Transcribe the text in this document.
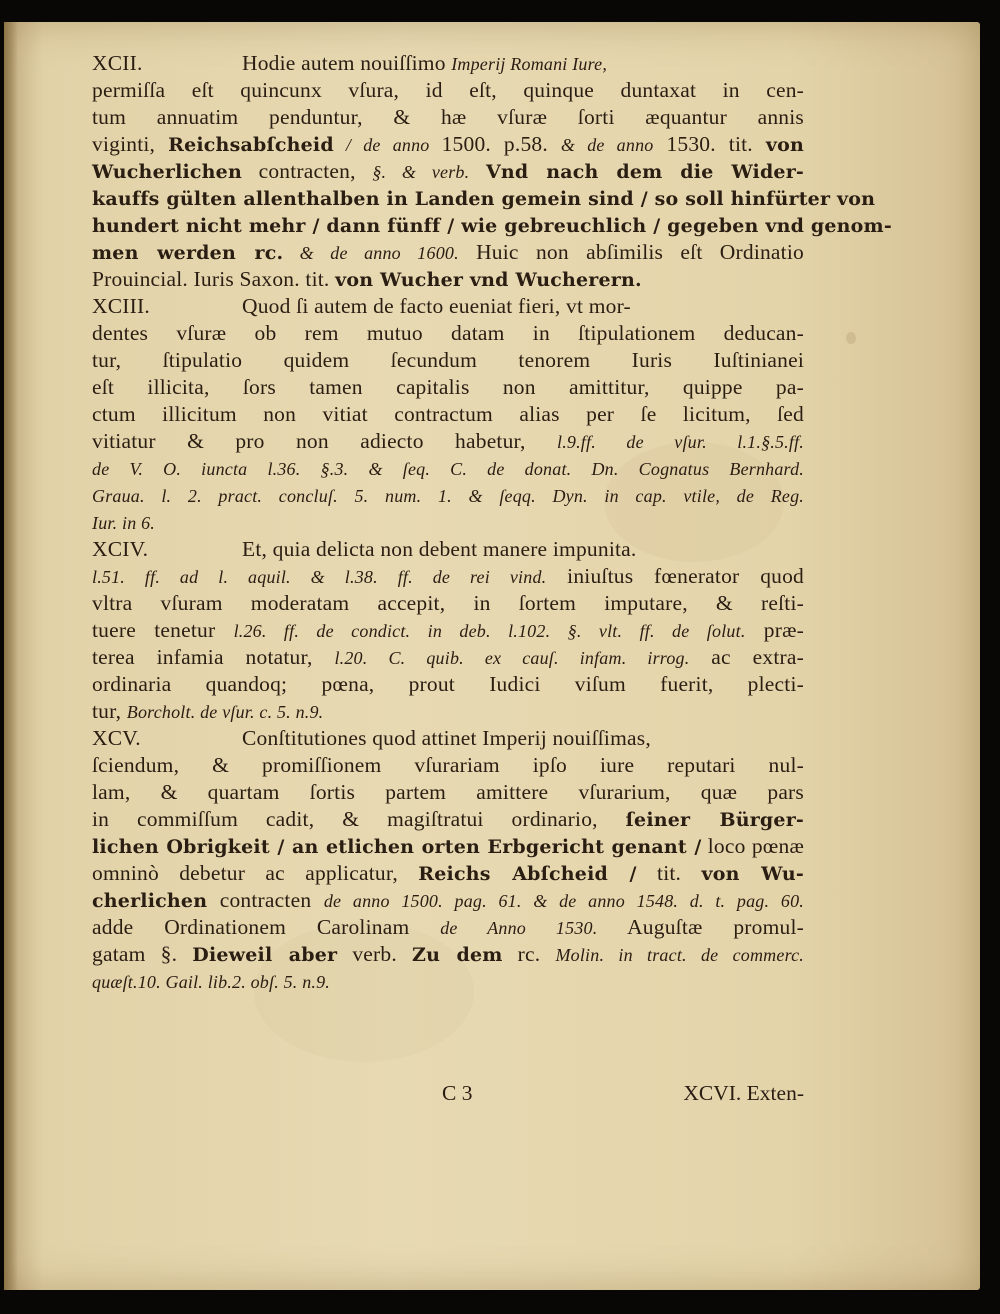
XCII.	Hodie autem nouiſſimo Imperij Romani Iure,
permiſſa eſt quincunx vſura, id eſt, quinque duntaxat in cen-
tum annuatim penduntur, & hæ vſuræ ſorti æquantur annis
viginti, Reichsabſcheid / de anno 1500. p.58. & de anno 1530. tit. von
Wucherlichen contracten, §. & verb. Vnd nach dem die Wider-
kauffs gülten allenthalben in Landen gemein sind / so soll hinfürter von
hundert nicht mehr / dann fünff / wie gebreuchlich / gegeben vnd genom-
men werden rc. & de anno 1600. Huic non abſimilis eſt Ordinatio
Prouincial. Iuris Saxon. tit. von Wucher vnd Wucherern.
XCIII.	Quod ſi autem de facto eueniat fieri, vt mor-
dentes vſuræ ob rem mutuo datam in ſtipulationem deducan-
tur, ſtipulatio quidem ſecundum tenorem Iuris Iuſtinianei
eſt illicita, ſors tamen capitalis non amittitur, quippe pa-
ctum illicitum non vitiat contractum alias per ſe licitum, ſed
vitiatur & pro non adiecto habetur, l.9.ff. de vſur. l.1.§.5.ff.
de V. O. iuncta l.36. §.3. & ſeq. C. de donat. Dn. Cognatus Bernhard.
Graua. l. 2. pract. concluſ. 5. num. 1. & ſeqq. Dyn. in cap. vtile, de Reg.
Iur. in 6.
XCIV.	Et, quia delicta non debent manere impunita.
l.51. ff. ad l. aquil. & l.38. ff. de rei vind. iniuſtus fœnerator quod
vltra vſuram moderatam accepit, in ſortem imputare, & reſti-
tuere tenetur l.26. ff. de condict. in deb. l.102. §. vlt. ff. de ſolut. præ-
terea infamia notatur, l.20. C. quib. ex cauſ. infam. irrog. ac extra-
ordinaria quandoq; pœna, prout Iudici viſum fuerit, plecti-
tur, Borcholt. de vſur. c. 5. n.9.
XCV.	Conſtitutiones quod attinet Imperij nouiſſimas,
ſciendum, & promiſſionem vſurariam ipſo iure reputari nul-
lam, & quartam ſortis partem amittere vſurarium, quæ pars
in commiſſum cadit, & magiſtratui ordinario, ſeiner Bürger-
lichen Obrigkeit / an etlichen orten Erbgericht genant / loco pœnæ
omninò debetur ac applicatur, Reichs Abſcheid / tit. von Wu-
cherlichen contracten de anno 1500. pag. 61. & de anno 1548. d. t. pag. 60.
adde Ordinationem Carolinam de Anno 1530. Auguſtæ promul-
gatam §. Dieweil aber verb. Zu dem rc. Molin. in tract. de commerc.
quæſt.10. Gail. lib.2. obſ. 5. n.9.
C 3	XCVI. Exten-
